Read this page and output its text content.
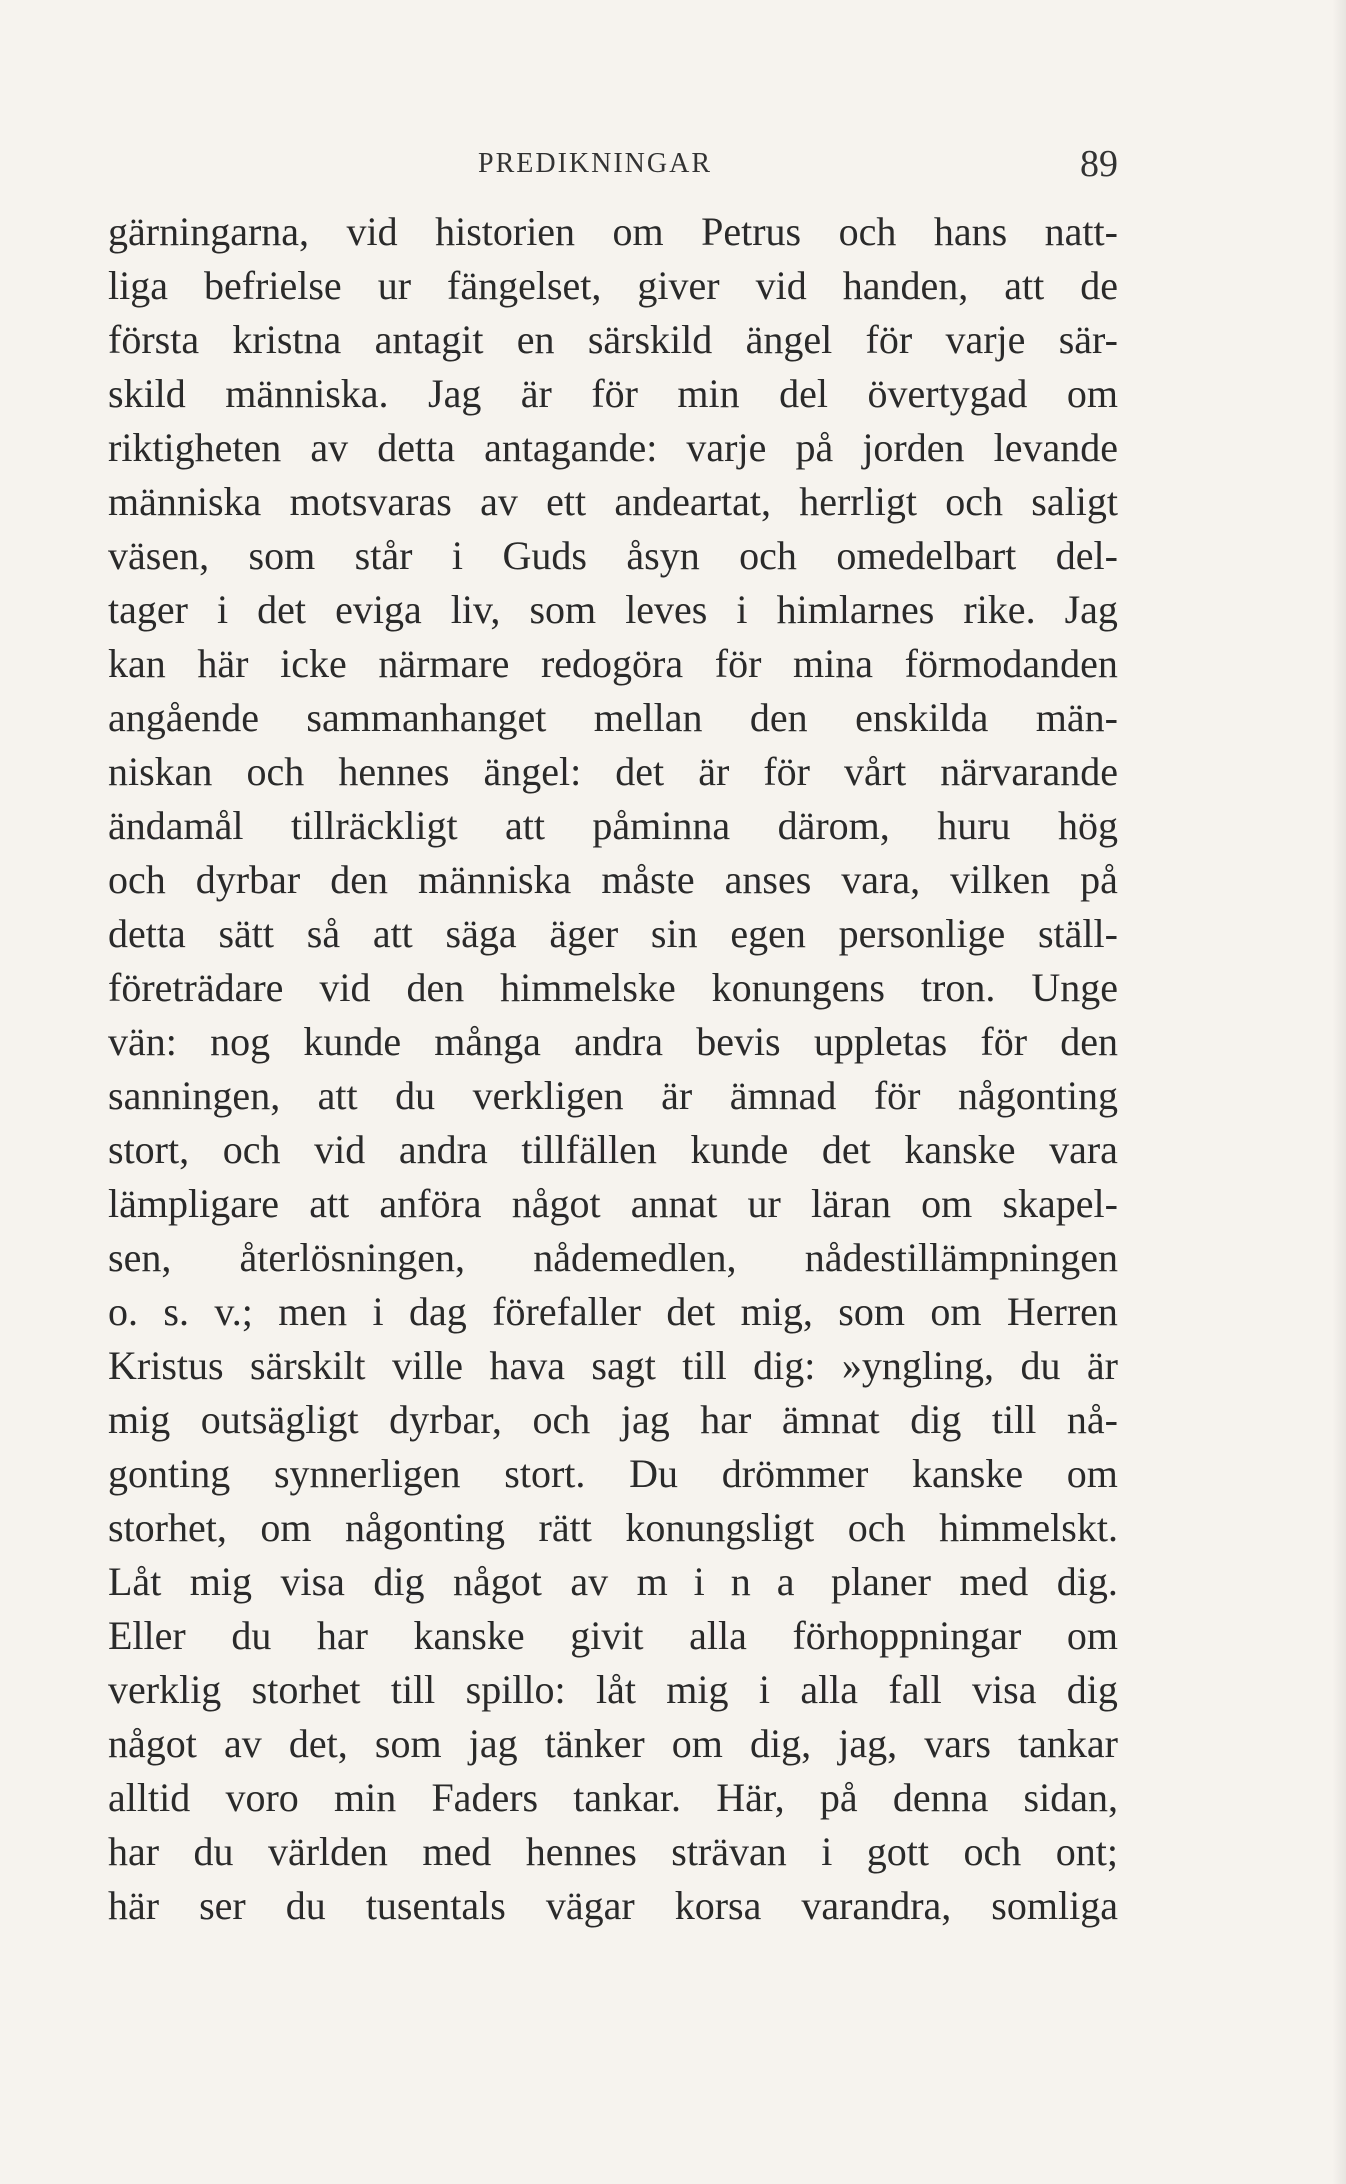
PREDIKNINGAR	89
gärningarna, vid historien om Petrus och hans natt-
liga befrielse ur fängelset, giver vid handen, att de
första kristna antagit en särskild ängel för varje sär-
skild människa. Jag är för min del övertygad om
riktigheten av detta antagande: varje på jorden levande
människa motsvaras av ett andeartat, herrligt och saligt
väsen, som står i Guds åsyn och omedelbart del-
tager i det eviga liv, som leves i himlarnes rike. Jag
kan här icke närmare redogöra för mina förmodanden
angående sammanhanget mellan den enskilda män-
niskan och hennes ängel: det är för vårt närvarande
ändamål tillräckligt att påminna därom, huru hög
och dyrbar den människa måste anses vara, vilken på
detta sätt så att säga äger sin egen personlige ställ-
företrädare vid den himmelske konungens tron. Unge
vän: nog kunde många andra bevis uppletas för den
sanningen, att du verkligen är ämnad för någonting
stort, och vid andra tillfällen kunde det kanske vara
lämpligare att anföra något annat ur läran om skapel-
sen, återlösningen, nådemedlen, nådestillämpningen
o. s. v.; men i dag förefaller det mig, som om Herren
Kristus särskilt ville hava sagt till dig: »yngling, du är
mig outsägligt dyrbar, och jag har ämnat dig till nå-
gonting synnerligen stort. Du drömmer kanske om
storhet, om någonting rätt konungsligt och himmelskt.
Låt mig visa dig något av m i n a planer med dig.
Eller du har kanske givit alla förhoppningar om
verklig storhet till spillo: låt mig i alla fall visa dig
något av det, som jag tänker om dig, jag, vars tankar
alltid voro min Faders tankar. Här, på denna sidan,
har du världen med hennes strävan i gott och ont;
här ser du tusentals vägar korsa varandra, somliga
